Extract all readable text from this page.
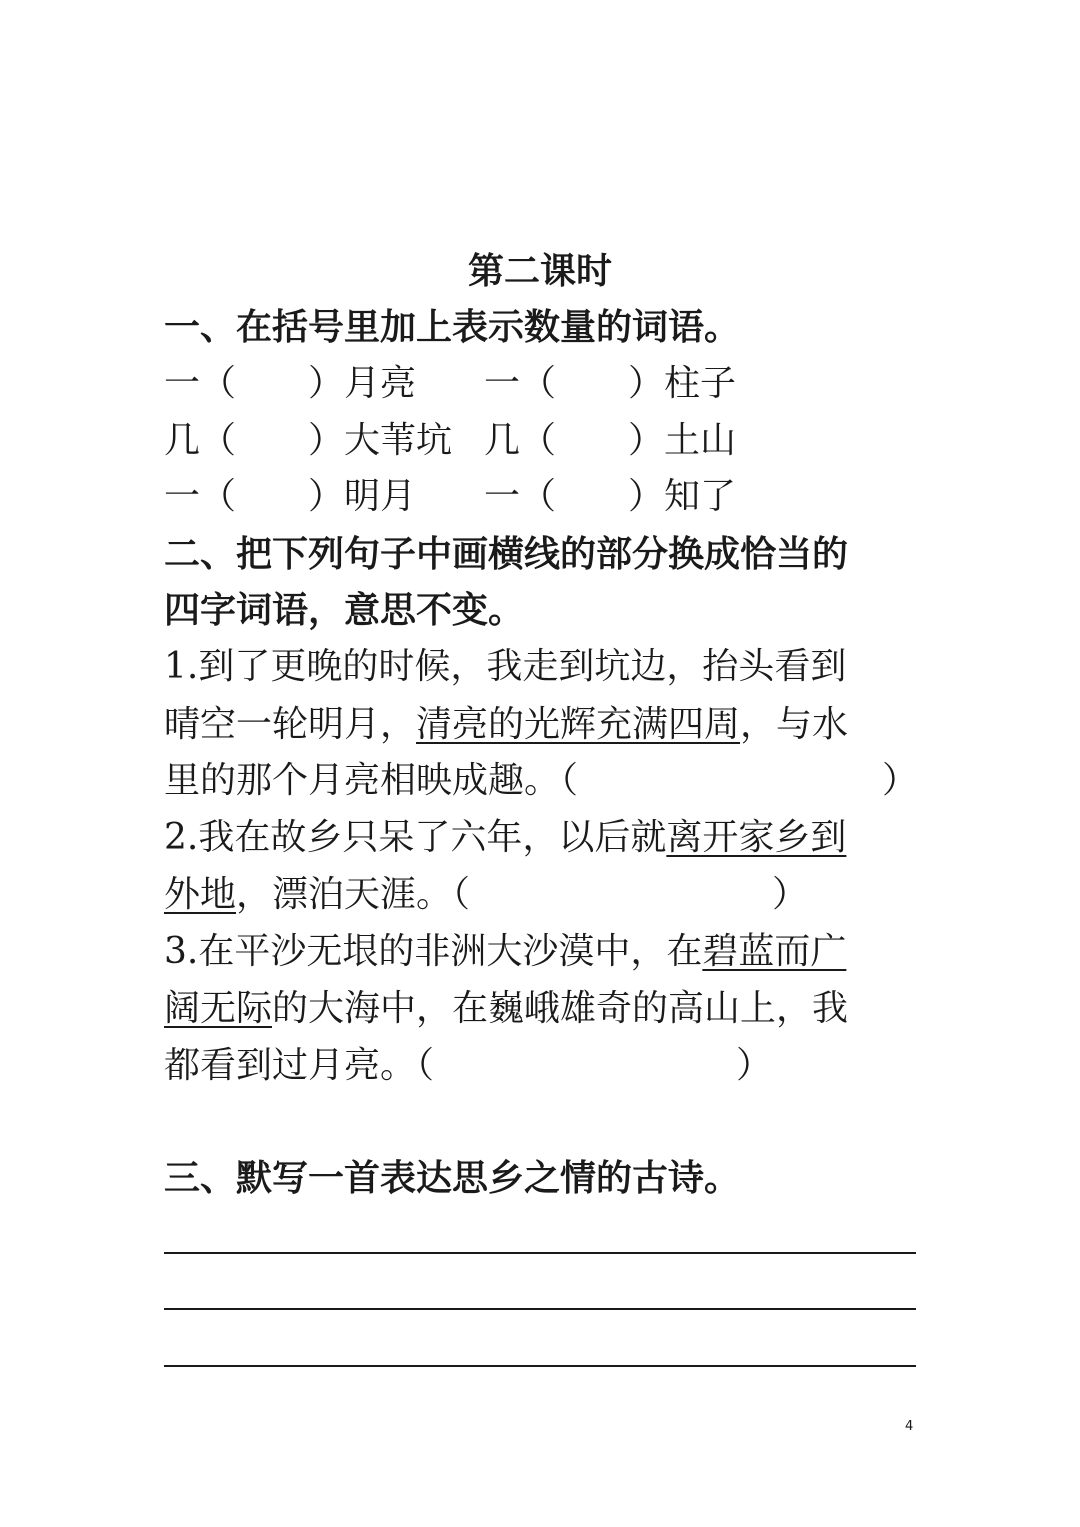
第二课时
一、在括号里加上表示数量的词语。
一（　　）月亮 一（　　）柱子
几（　　）大苇坑 几（　　）土山
一（　　）明月 一（　　）知了
二、把下列句子中画横线的部分换成恰当的
四字词语，意思不变。
1.到了更晚的时候，我走到坑边，抬头看到
晴空一轮明月，清亮的光辉充满四周，与水
里的那个月亮相映成趣。（	）
2.我在故乡只呆了六年，以后就离开家乡到
外地，漂泊天涯。（	）
3.在平沙无垠的非洲大沙漠中，在碧蓝而广
阔无际的大海中，在巍峨雄奇的高山上，我
都看到过月亮。（	）
三、默写一首表达思乡之情的古诗。
4
